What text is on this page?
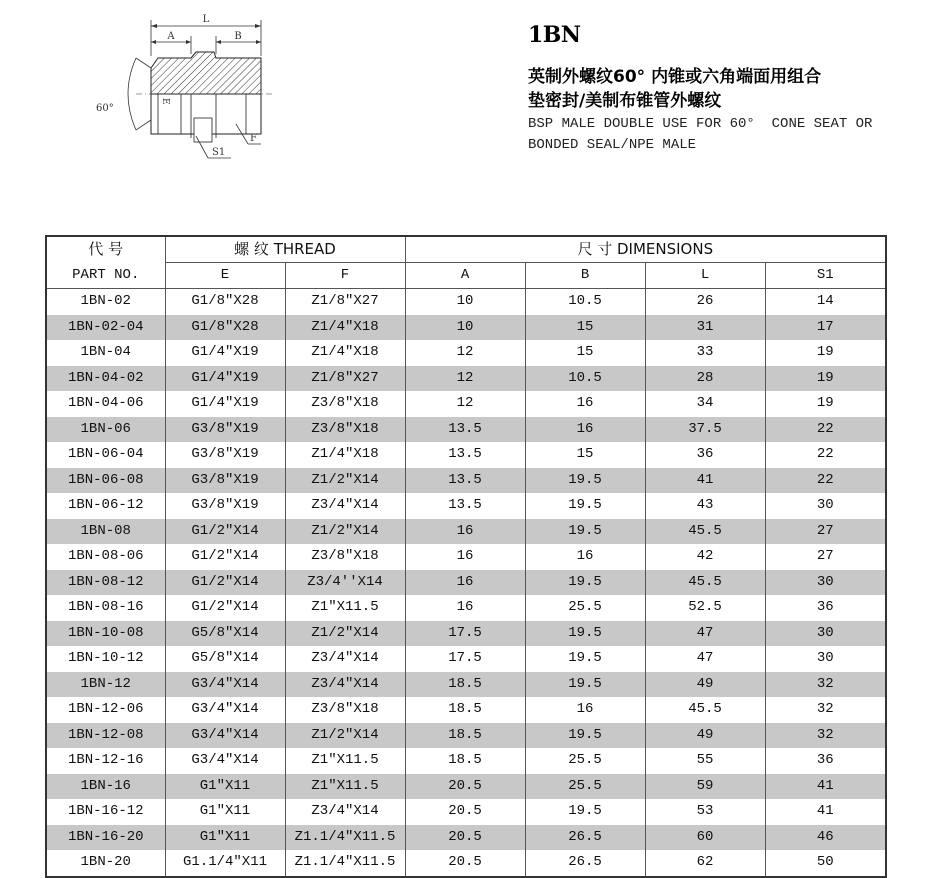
L
A	B
60°
E
F
S1
1BN
英制外螺纹60° 内锥或六角端面用组合
垫密封/美制布锥管外螺纹
BSP MALE DOUBLE USE FOR 60°  CONE SEAT OR
BONDED SEAL/NPE MALE
代 号	螺 纹 THREAD		尺 寸 DIMENSIONS			
PART NO.	E	F	A	B	L	S1
1BN-02	G1/8″X28	Z1/8″X27	10	10.5	26	14
1BN-02-04	G1/8″X28	Z1/4″X18	10	15	31	17
1BN-04	G1/4″X19	Z1/4″X18	12	15	33	19
1BN-04-02	G1/4″X19	Z1/8″X27	12	10.5	28	19
1BN-04-06	G1/4″X19	Z3/8″X18	12	16	34	19
1BN-06	G3/8″X19	Z3/8″X18	13.5	16	37.5	22
1BN-06-04	G3/8″X19	Z1/4″X18	13.5	15	36	22
1BN-06-08	G3/8″X19	Z1/2″X14	13.5	19.5	41	22
1BN-06-12	G3/8″X19	Z3/4″X14	13.5	19.5	43	30
1BN-08	G1/2″X14	Z1/2″X14	16	19.5	45.5	27
1BN-08-06	G1/2″X14	Z3/8″X18	16	16	42	27
1BN-08-12	G1/2″X14	Z3/4''X14	16	19.5	45.5	30
1BN-08-16	G1/2″X14	Z1″X11.5	16	25.5	52.5	36
1BN-10-08	G5/8″X14	Z1/2″X14	17.5	19.5	47	30
1BN-10-12	G5/8″X14	Z3/4″X14	17.5	19.5	47	30
1BN-12	G3/4″X14	Z3/4″X14	18.5	19.5	49	32
1BN-12-06	G3/4″X14	Z3/8″X18	18.5	16	45.5	32
1BN-12-08	G3/4″X14	Z1/2″X14	18.5	19.5	49	32
1BN-12-16	G3/4″X14	Z1″X11.5	18.5	25.5	55	36
1BN-16	G1″X11	Z1″X11.5	20.5	25.5	59	41
1BN-16-12	G1″X11	Z3/4″X14	20.5	19.5	53	41
1BN-16-20	G1″X11	Z1.1/4″X11.5	20.5	26.5	60	46
1BN-20	G1.1/4″X11	Z1.1/4″X11.5	20.5	26.5	62	50
